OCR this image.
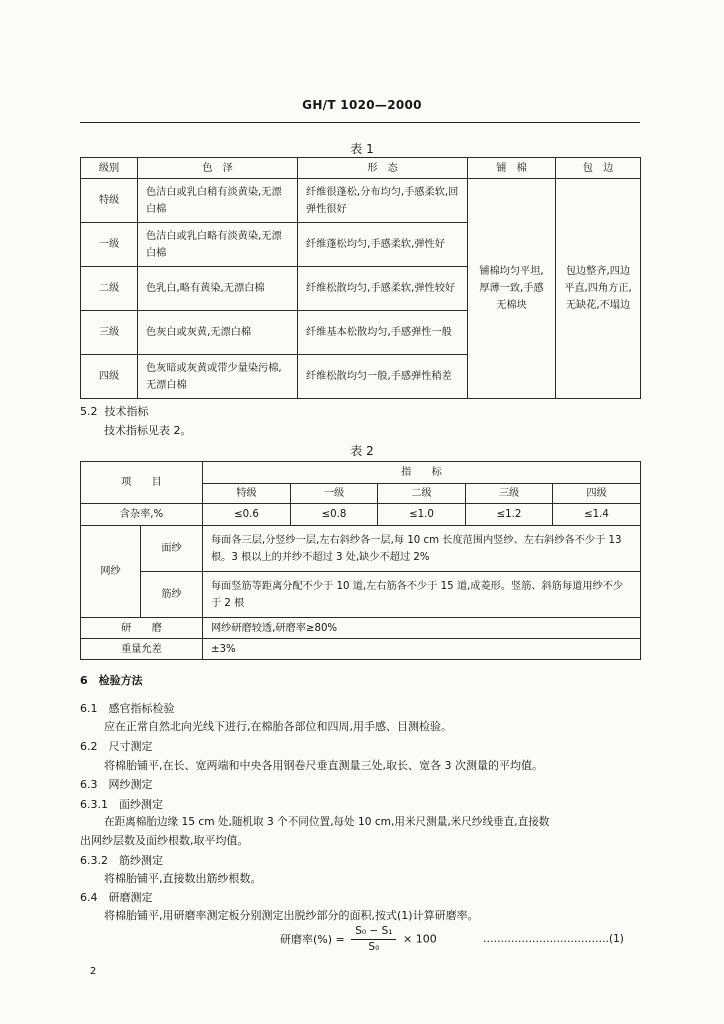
GH/T 1020—2000
表 1
级别	色　泽	形　态	铺　棉	包　边
特级	色洁白或乳白稍有淡黄染,无漂白棉	纤维很蓬松,分布均匀,手感柔软,回弹性很好	铺棉均匀平坦,厚薄一致,手感无棉块	包边整齐,四边平直,四角方正,无缺花,不塌边
一级	色洁白或乳白略有淡黄染,无漂白棉	纤维蓬松均匀,手感柔软,弹性好		
二级	色乳白,略有黄染,无漂白棉	纤维松散均匀,手感柔软,弹性较好		
三级	色灰白或灰黄,无漂白棉	纤维基本松散均匀,手感弹性一般		
四级	色灰暗或灰黄或带少量染污棉,无漂白棉	纤维松散均匀一般,手感弹性稍差		
5.2 技术指标
技术指标见表 2。
表 2
项　　目		指　　标				
		特级	一级	二级	三级	四级
含杂率,%		≤0.6	≤0.8	≤1.0	≤1.2	≤1.4
网纱	面纱	每面各三层,分竖纱一层,左右斜纱各一层,每 10 cm 长度范围内竖纱、左右斜纱各不少于 13 根。3 根以上的并纱不超过 3 处,缺少不超过 2%				
	筋纱	每面竖筋等距离分配不少于 10 道,左右筋各不少于 15 道,成菱形。竖筋、斜筋每道用纱不少于 2 根				
研　　磨		网纱研磨较透,研磨率≥80%				
重量允差		±3%				
6　检验方法
6.1　感官指标检验
应在正常自然北向光线下进行,在棉胎各部位和四周,用手感、目测检验。
6.2　尺寸测定
将棉胎铺平,在长、宽两端和中央各用钢卷尺垂直测量三处,取长、宽各 3 次测量的平均值。
6.3　网纱测定
6.3.1　面纱测定
在距离棉胎边缘 15 cm 处,随机取 3 个不同位置,每处 10 cm,用米尺测量,米尺纱线垂直,直接数
出网纱层数及面纱根数,取平均值。
6.3.2　筋纱测定
将棉胎铺平,直接数出筋纱根数。
6.4　研磨测定
将棉胎铺平,用研磨率测定板分别测定出脱纱部分的面积,按式(1)计算研磨率。
研磨率(%) = $\frac{\text{S₀ − S₁}}{\text{S₀}} \times 100$	………………………………(1)
2
